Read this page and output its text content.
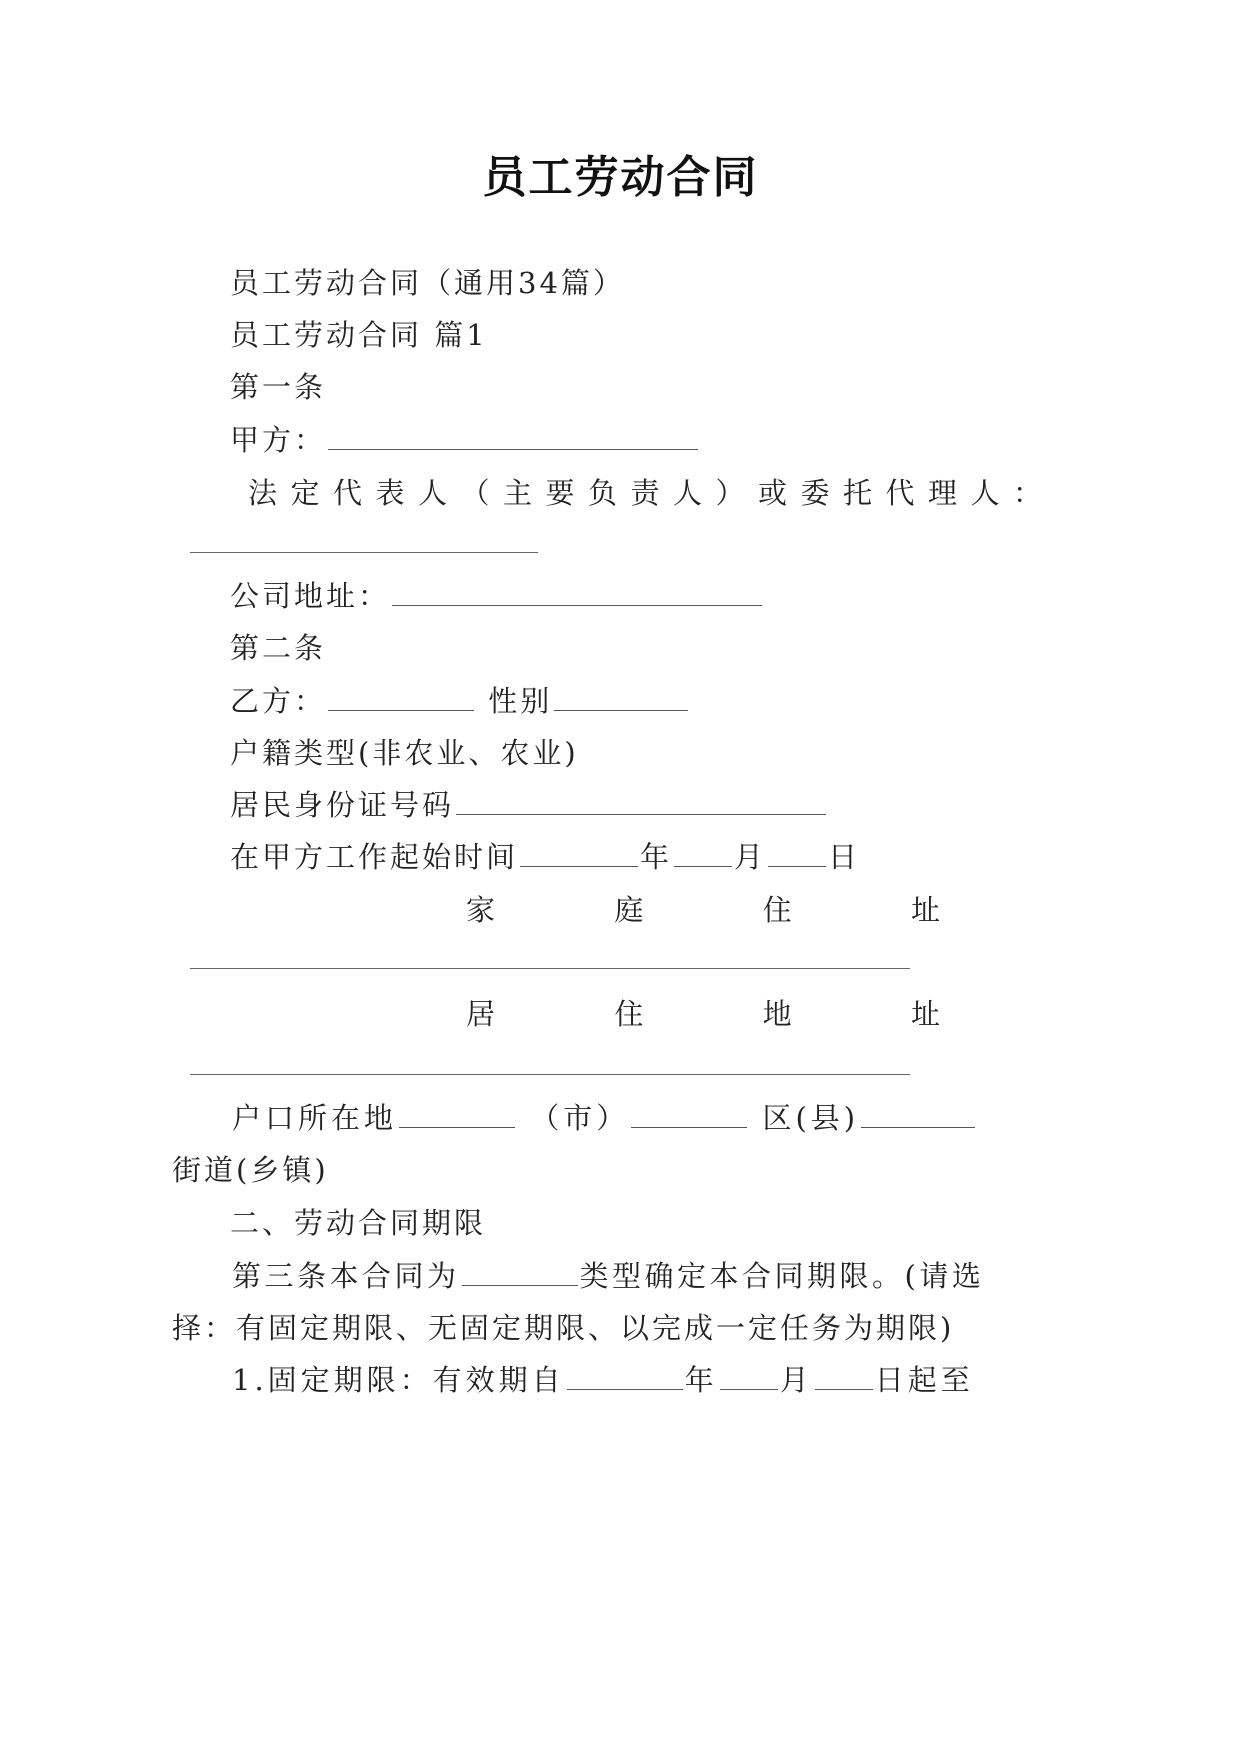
员工劳动合同
员工劳动合同（通用34篇）
员工劳动合同 篇1
第一条
甲方：
法定代表人（主要负责人）或委托代理人：
公司地址：
第二条
乙方：	性别
户籍类型(非农业、农业)
居民身份证号码
在甲方工作起始时间	年 月 日
家	庭	住	址
居	住	地	址
户口所在地	（市）	区(县)
街道(乡镇)
二、劳动合同期限
第三条本合同为	类型确定本合同期限。(请选
择：有固定期限、无固定期限、以完成一定任务为期限)
1.固定期限：有效期自	年 月 日起至
